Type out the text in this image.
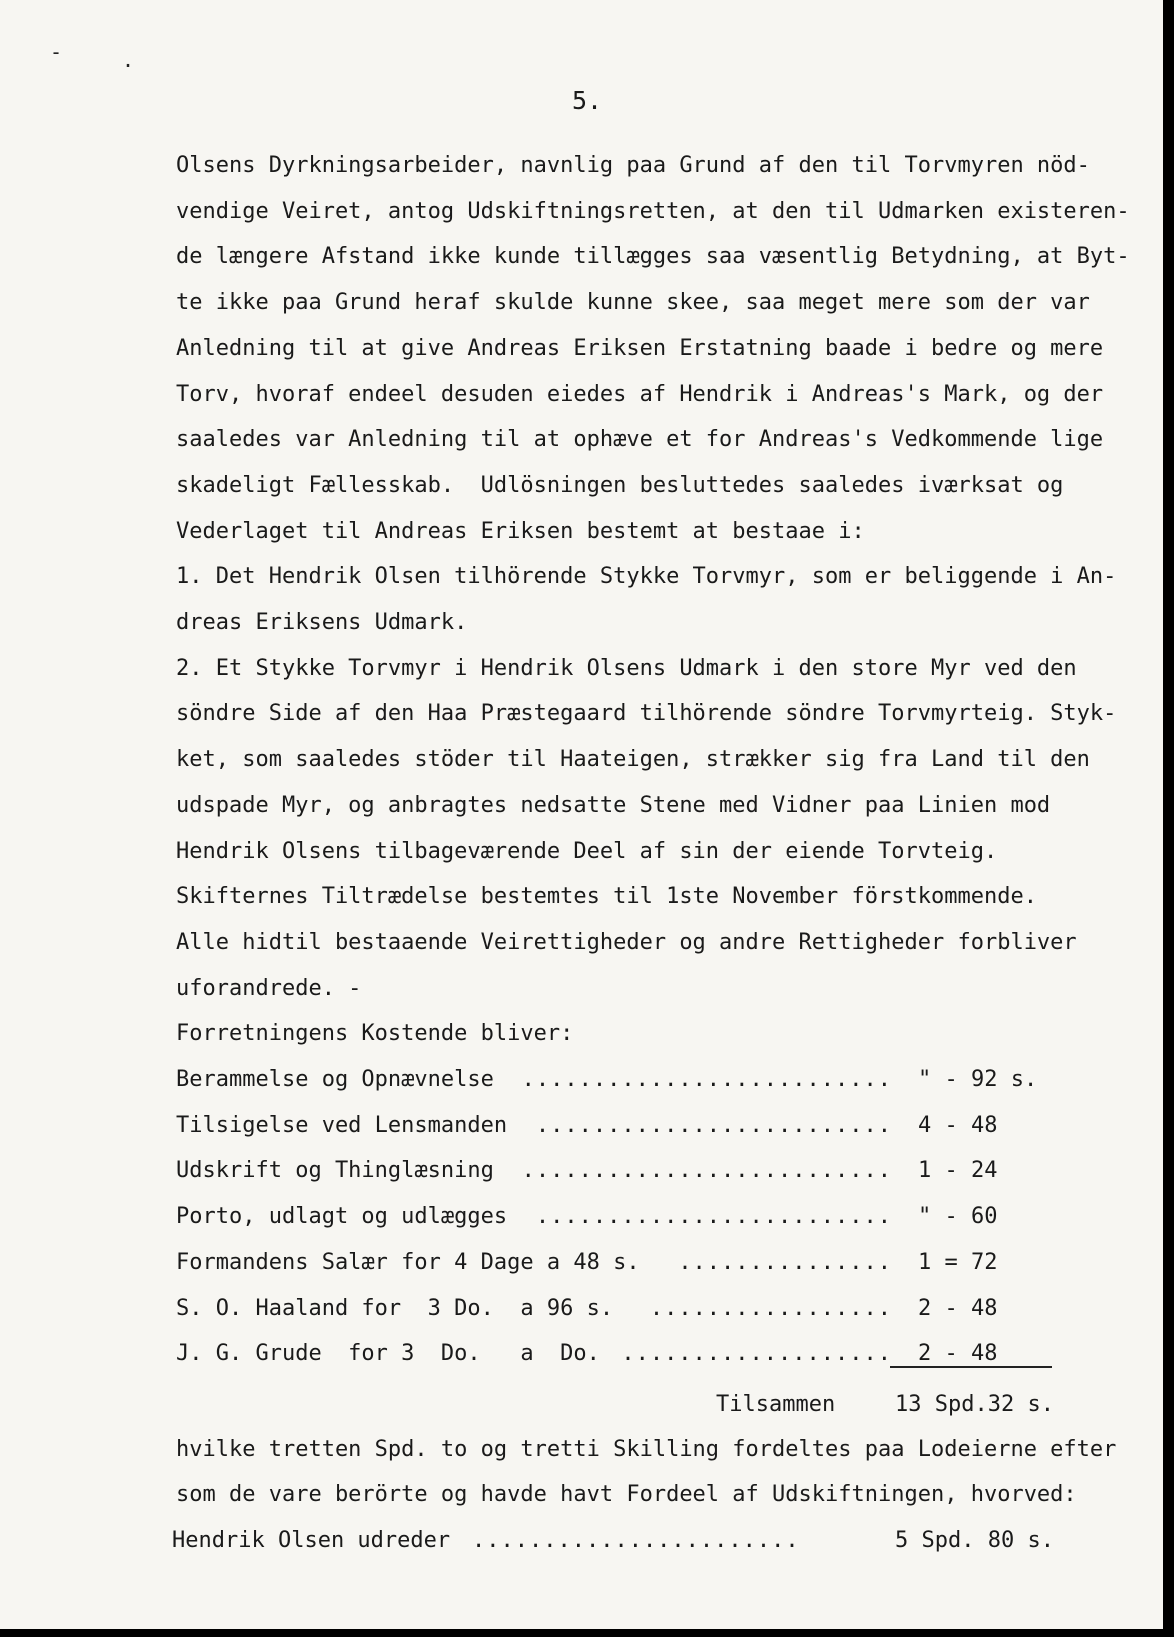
-	.
5.
Olsens Dyrkningsarbeider, navnlig paa Grund af den til Torvmyren nöd-
vendige Veiret, antog Udskiftningsretten, at den til Udmarken existeren-
de længere Afstand ikke kunde tillægges saa væsentlig Betydning, at Byt-
te ikke paa Grund heraf skulde kunne skee, saa meget mere som der var
Anledning til at give Andreas Eriksen Erstatning baade i bedre og mere
Torv, hvoraf endeel desuden eiedes af Hendrik i Andreas's Mark, og der
saaledes var Anledning til at ophæve et for Andreas's Vedkommende lige
skadeligt Fællesskab.  Udlösningen besluttedes saaledes iværksat og
Vederlaget til Andreas Eriksen bestemt at bestaae i:
1. Det Hendrik Olsen tilhörende Stykke Torvmyr, som er beliggende i An-
dreas Eriksens Udmark.
2. Et Stykke Torvmyr i Hendrik Olsens Udmark i den store Myr ved den
söndre Side af den Haa Præstegaard tilhörende söndre Torvmyrteig. Styk-
ket, som saaledes stöder til Haateigen, strækker sig fra Land til den
udspade Myr, og anbragtes nedsatte Stene med Vidner paa Linien mod
Hendrik Olsens tilbageværende Deel af sin der eiende Torvteig.
Skifternes Tiltrædelse bestemtes til 1ste November förstkommende.
Alle hidtil bestaaende Veirettigheder og andre Rettigheder forbliver
uforandrede. -
Forretningens Kostende bliver:
Berammelse og Opnævnelse .......................... " - 92 s.
Tilsigelse ved Lensmanden ......................... 4 - 48
Udskrift og Thinglæsning .......................... 1 - 24
Porto, udlagt og udlægges ......................... " - 60
Formandens Salær for 4 Dage a 48 s. ............... 1 = 72
S. O. Haaland for  3 Do.  a 96 s. ................. 2 - 48
J. G. Grude  for 3  Do.   a  Do. ................... 2 - 48
Tilsammen	13 Spd.32 s.
hvilke tretten Spd. to og tretti Skilling fordeltes paa Lodeierne efter
som de vare berörte og havde havt Fordeel af Udskiftningen, hvorved:
Hendrik Olsen udreder .......................	5 Spd. 80 s.
